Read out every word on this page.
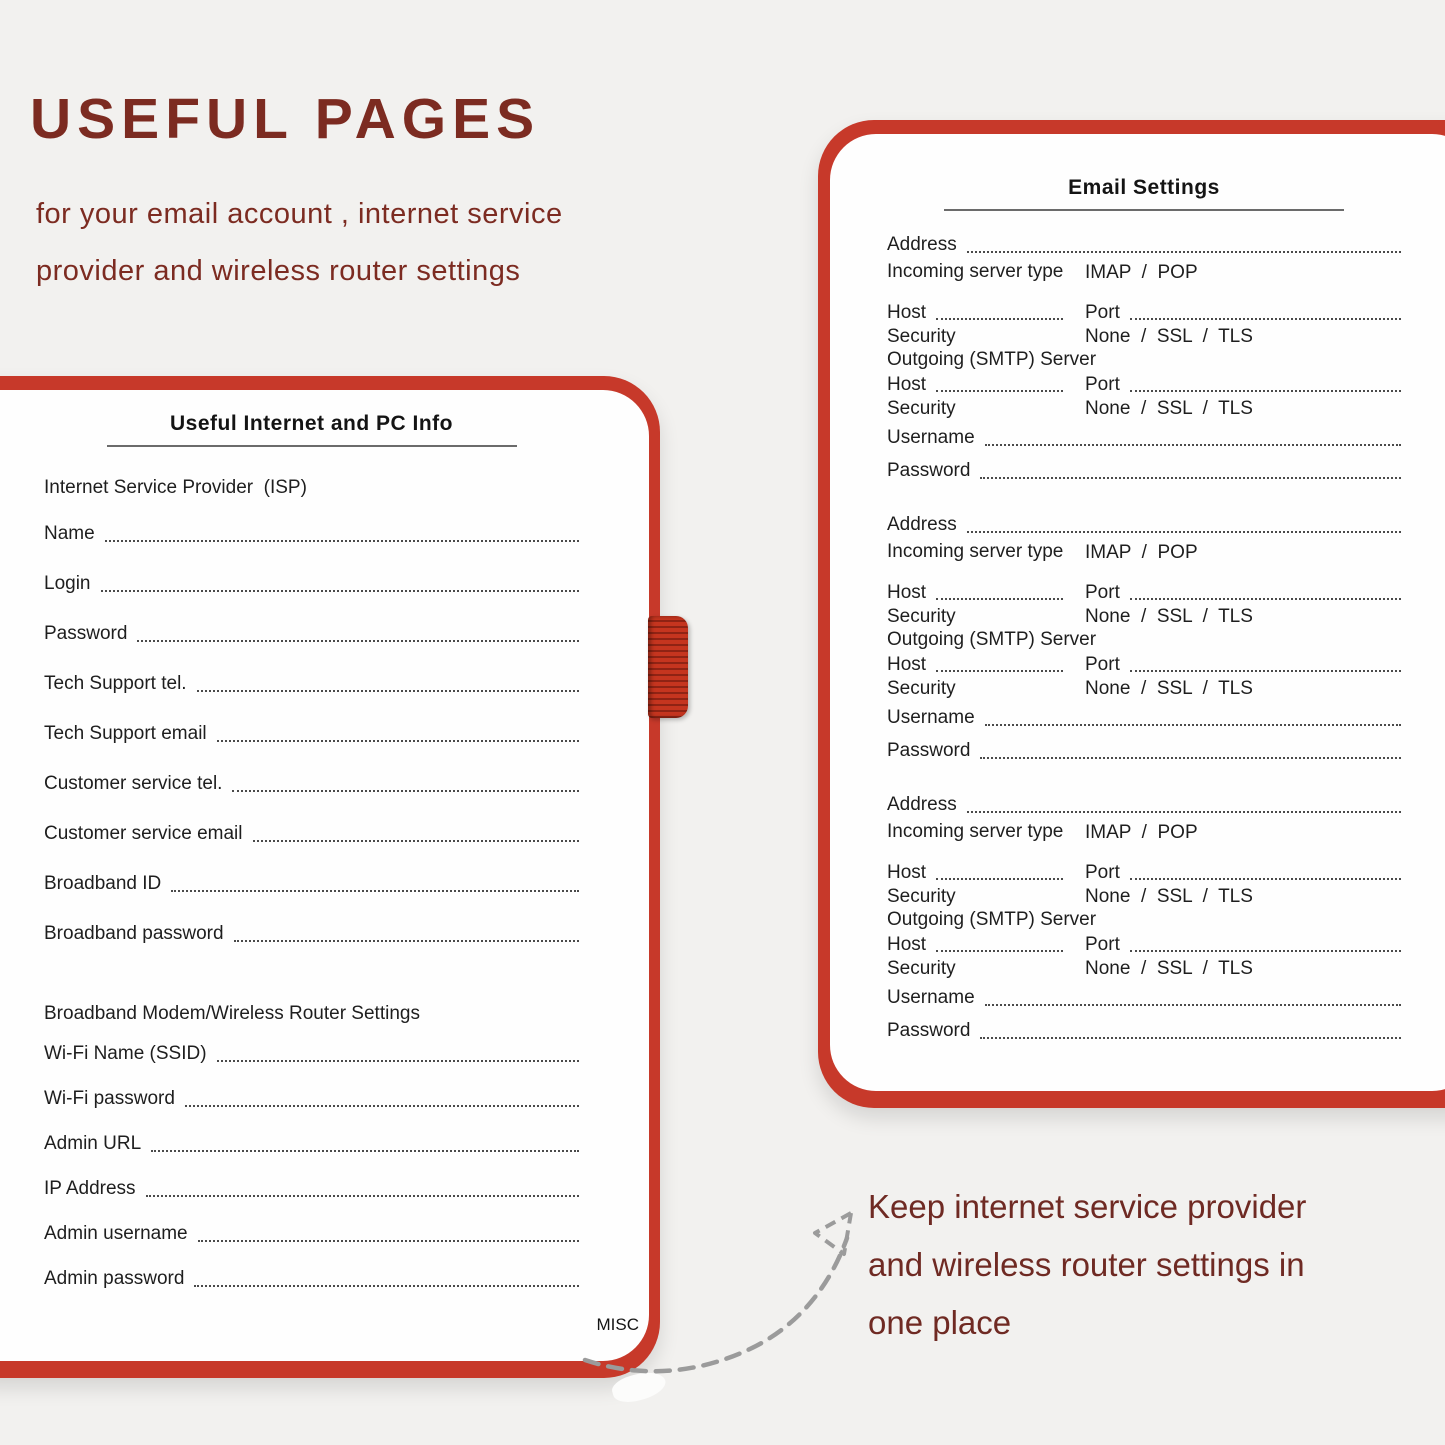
USEFUL PAGES
for your email account , internet service
provider and wireless router settings
Useful Internet and PC Info
Internet Service Provider  (ISP)
Name
Login
Password
Tech Support tel.
Tech Support email
Customer service tel.
Customer service email
Broadband ID
Broadband password
Broadband Modem/Wireless Router Settings
Wi-Fi Name (SSID)
Wi-Fi password
Admin URL
IP Address
Admin username
Admin password
MISC
Email Settings
Address
Incoming server type	IMAP  /  POP
Host	Port
Security	None  /  SSL  /  TLS
Outgoing (SMTP) Server
Host	Port
Security	None  /  SSL  /  TLS
Username
Password
Address
Incoming server type	IMAP  /  POP
Host	Port
Security	None  /  SSL  /  TLS
Outgoing (SMTP) Server
Host	Port
Security	None  /  SSL  /  TLS
Username
Password
Address
Incoming server type	IMAP  /  POP
Host	Port
Security	None  /  SSL  /  TLS
Outgoing (SMTP) Server
Host	Port
Security	None  /  SSL  /  TLS
Username
Password
Keep internet service provider
and wireless router settings in
one place
